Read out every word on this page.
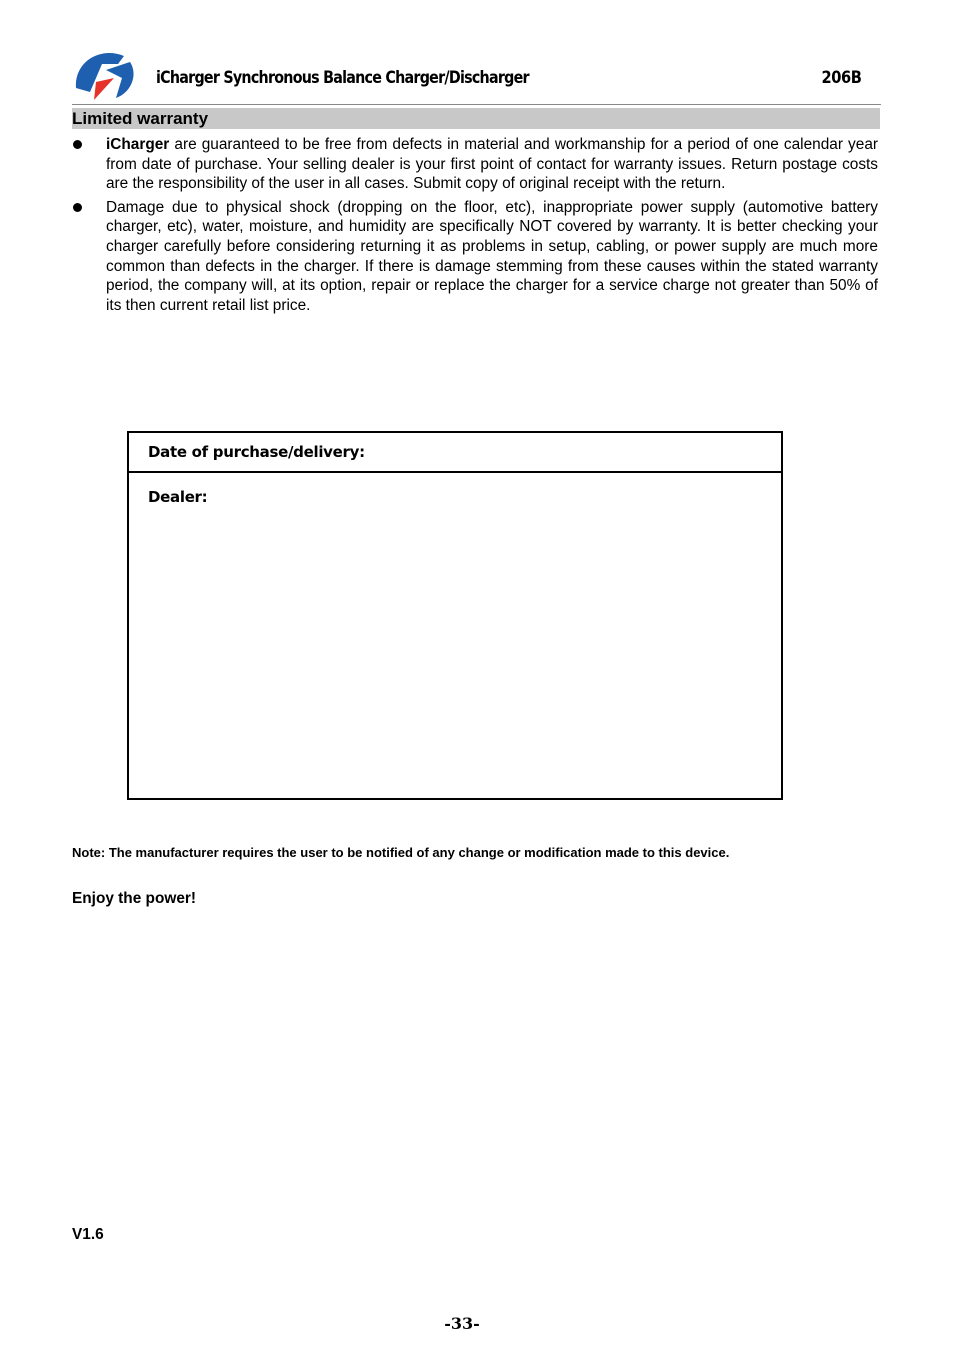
iCharger Synchronous Balance Charger/Discharger	206B
Limited warranty
iCharger are guaranteed to be free from defects in material and workmanship for a period of one calendar year from date of purchase. Your selling dealer is your first point of contact for warranty issues. Return postage costs are the responsibility of the user in all cases. Submit copy of original receipt with the return.
Damage due to physical shock (dropping on the floor, etc), inappropriate power supply (automotive battery charger, etc), water, moisture, and humidity are specifically NOT covered by warranty. It is better checking your charger carefully before considering returning it as problems in setup, cabling, or power supply are much more common than defects in the charger. If there is damage stemming from these causes within the stated warranty period, the company will, at its option, repair or replace the charger for a service charge not greater than 50% of its then current retail list price.
Date of purchase/delivery:
Dealer:
Note: The manufacturer requires the user to be notified of any change or modification made to this device.
Enjoy the power!
V1.6
-33-
